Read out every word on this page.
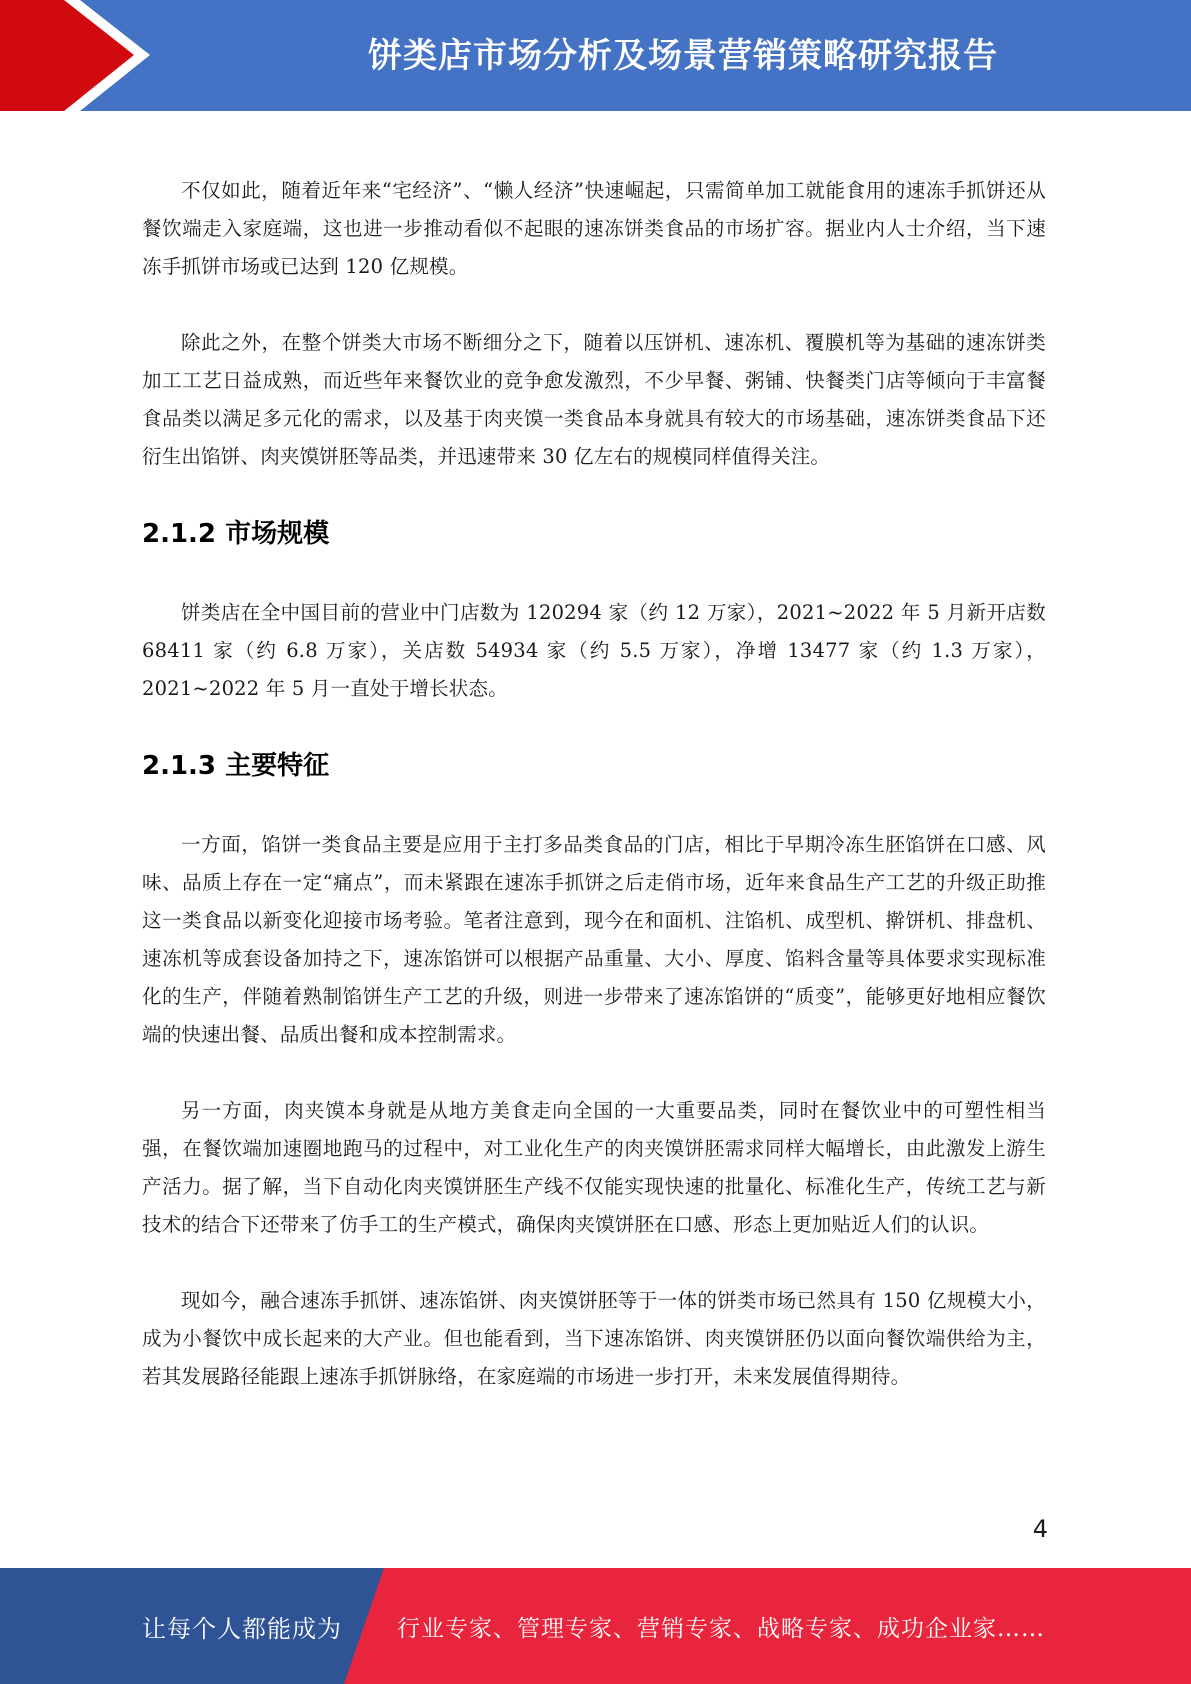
饼类店市场分析及场景营销策略研究报告

不仅如此，随着近年来“宅经济”、“懒人经济”快速崛起，只需简单加工就能食用的速冻手抓饼还从餐饮端走入家庭端，这也进一步推动看似不起眼的速冻饼类食品的市场扩容。据业内人士介绍，当下速冻手抓饼市场或已达到 120 亿规模。

除此之外，在整个饼类大市场不断细分之下，随着以压饼机、速冻机、覆膜机等为基础的速冻饼类加工工艺日益成熟，而近些年来餐饮业的竞争愈发激烈，不少早餐、粥铺、快餐类门店等倾向于丰富餐食品类以满足多元化的需求，以及基于肉夹馍一类食品本身就具有较大的市场基础，速冻饼类食品下还衍生出馅饼、肉夹馍饼胚等品类，并迅速带来 30 亿左右的规模同样值得关注。

2.1.2 市场规模

饼类店在全中国目前的营业中门店数为 120294 家（约 12 万家），2021~2022 年 5 月新开店数 68411 家（约 6.8 万家），关店数 54934 家（约 5.5 万家），净增 13477 家（约 1.3 万家），2021~2022 年 5 月一直处于增长状态。

2.1.3 主要特征

一方面，馅饼一类食品主要是应用于主打多品类食品的门店，相比于早期冷冻生胚馅饼在口感、风味、品质上存在一定“痛点”，而未紧跟在速冻手抓饼之后走俏市场，近年来食品生产工艺的升级正助推这一类食品以新变化迎接市场考验。笔者注意到，现今在和面机、注馅机、成型机、擀饼机、排盘机、速冻机等成套设备加持之下，速冻馅饼可以根据产品重量、大小、厚度、馅料含量等具体要求实现标准化的生产，伴随着熟制馅饼生产工艺的升级，则进一步带来了速冻馅饼的“质变”，能够更好地相应餐饮端的快速出餐、品质出餐和成本控制需求。

另一方面，肉夹馍本身就是从地方美食走向全国的一大重要品类，同时在餐饮业中的可塑性相当强，在餐饮端加速圈地跑马的过程中，对工业化生产的肉夹馍饼胚需求同样大幅增长，由此激发上游生产活力。据了解，当下自动化肉夹馍饼胚生产线不仅能实现快速的批量化、标准化生产，传统工艺与新技术的结合下还带来了仿手工的生产模式，确保肉夹馍饼胚在口感、形态上更加贴近人们的认识。

现如今，融合速冻手抓饼、速冻馅饼、肉夹馍饼胚等于一体的饼类市场已然具有 150 亿规模大小，成为小餐饮中成长起来的大产业。但也能看到，当下速冻馅饼、肉夹馍饼胚仍以面向餐饮端供给为主，若其发展路径能跟上速冻手抓饼脉络，在家庭端的市场进一步打开，未来发展值得期待。

4
让每个人都能成为 行业专家、管理专家、营销专家、战略专家、成功企业家……
